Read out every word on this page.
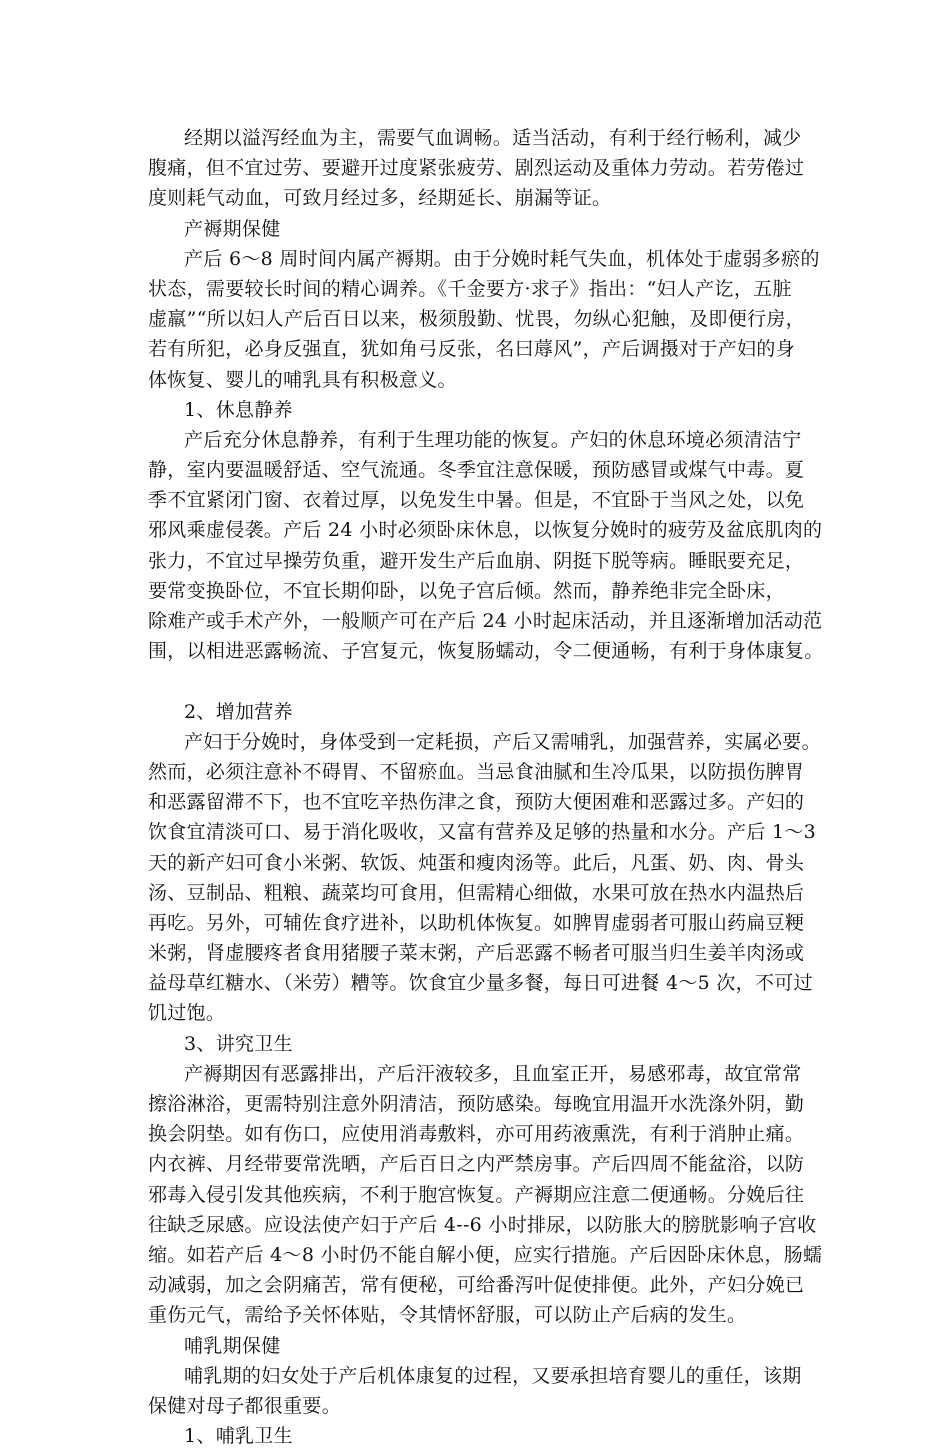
经期以溢泻经血为主，需要气血调畅。适当活动，有利于经行畅利，减少
腹痛，但不宜过劳、要避开过度紧张疲劳、剧烈运动及重体力劳动。若劳倦过
度则耗气动血，可致月经过多，经期延长、崩漏等证。
产褥期保健
产后 6～8 周时间内属产褥期。由于分娩时耗气失血，机体处于虚弱多瘀的
状态，需要较长时间的精心调养。《千金要方·求子》指出：“妇人产讫，五脏
虚羸”“所以妇人产后百日以来，极须殷勤、忧畏，勿纵心犯触，及即便行房，
若有所犯，必身反强直，犹如角弓反张，名曰蓐风”，产后调摄对于产妇的身
体恢复、婴儿的哺乳具有积极意义。
1、休息静养
产后充分休息静养，有利于生理功能的恢复。产妇的休息环境必须清洁宁
静，室内要温暖舒适、空气流通。冬季宜注意保暖，预防感冒或煤气中毒。夏
季不宜紧闭门窗、衣着过厚，以免发生中暑。但是，不宜卧于当风之处，以免
邪风乘虚侵袭。产后 24 小时必须卧床休息，以恢复分娩时的疲劳及盆底肌肉的
张力，不宜过早操劳负重，避开发生产后血崩、阴挺下脱等病。睡眠要充足，
要常变换卧位，不宜长期仰卧，以免子宫后倾。然而，静养绝非完全卧床，
除难产或手术产外，一般顺产可在产后 24 小时起床活动，并且逐渐增加活动范
围，以相进恶露畅流、子宫复元，恢复肠蠕动，令二便通畅，有利于身体康复。
2、增加营养
产妇于分娩时，身体受到一定耗损，产后又需哺乳，加强营养，实属必要。
然而，必须注意补不碍胃、不留瘀血。当忌食油腻和生冷瓜果，以防损伤脾胃
和恶露留滞不下，也不宜吃辛热伤津之食，预防大便困难和恶露过多。产妇的
饮食宜清淡可口、易于消化吸收，又富有营养及足够的热量和水分。产后 1～3
天的新产妇可食小米粥、软饭、炖蛋和瘦肉汤等。此后，凡蛋、奶、肉、骨头
汤、豆制品、粗粮、蔬菜均可食用，但需精心细做，水果可放在热水内温热后
再吃。另外，可辅佐食疗进补，以助机体恢复。如脾胃虚弱者可服山药扁豆粳
米粥，肾虚腰疼者食用猪腰子菜末粥，产后恶露不畅者可服当归生姜羊肉汤或
益母草红糖水、（米劳）糟等。饮食宜少量多餐，每日可进餐 4～5 次，不可过
饥过饱。
3、讲究卫生
产褥期因有恶露排出，产后汗液较多，且血室正开，易感邪毒，故宜常常
擦浴淋浴，更需特别注意外阴清洁，预防感染。每晚宜用温开水洗涤外阴，勤
换会阴垫。如有伤口，应使用消毒敷料，亦可用药液熏洗，有利于消肿止痛。
内衣裤、月经带要常洗晒，产后百日之内严禁房事。产后四周不能盆浴，以防
邪毒入侵引发其他疾病，不利于胞宫恢复。产褥期应注意二便通畅。分娩后往
往缺乏尿感。应设法使产妇于产后 4--6 小时排尿，以防胀大的膀胱影响子宫收
缩。如若产后 4～8 小时仍不能自解小便，应实行措施。产后因卧床休息，肠蠕
动减弱，加之会阴痛苦，常有便秘，可给番泻叶促使排便。此外，产妇分娩已
重伤元气，需给予关怀体贴，令其情怀舒服，可以防止产后病的发生。
哺乳期保健
哺乳期的妇女处于产后机体康复的过程，又要承担培育婴儿的重任，该期
保健对母子都很重要。
1、哺乳卫生
